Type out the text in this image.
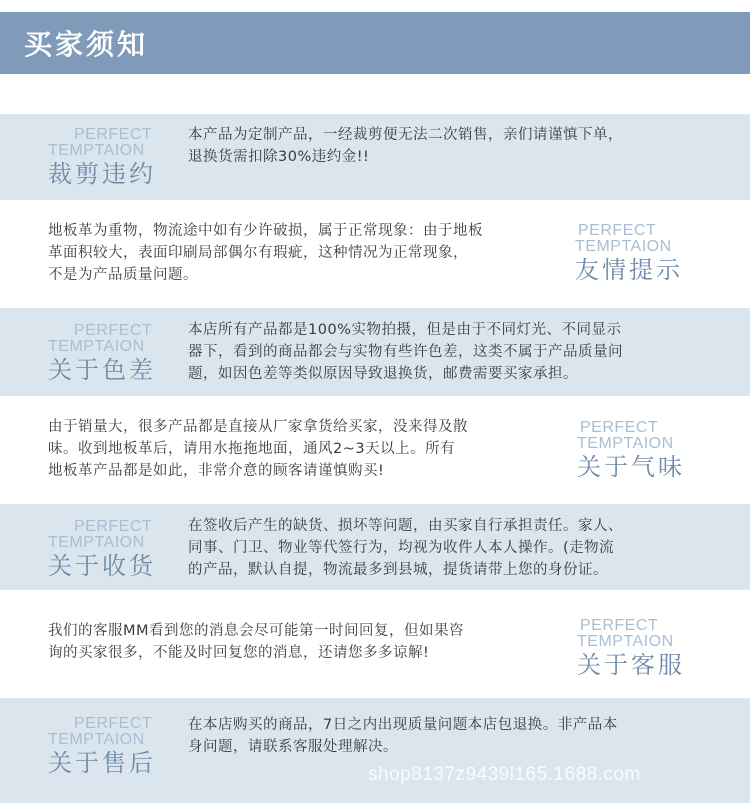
买家须知
PERFECT
TEMPTAION
裁剪违约
本产品为定制产品，一经裁剪便无法二次销售，亲们请谨慎下单，
退换货需扣除30%违约金!!
地板革为重物，物流途中如有少许破损，属于正常现象：由于地板
革面积较大，表面印刷局部偶尔有瑕疵，这种情况为正常现象，
不是为产品质量问题。
PERFECT
TEMPTAION
友情提示
PERFECT
TEMPTAION
关于色差
本店所有产品都是100%实物拍摄，但是由于不同灯光、不同显示
器下，看到的商品都会与实物有些许色差，这类不属于产品质量问
题，如因色差等类似原因导致退换货，邮费需要买家承担。
由于销量大，很多产品都是直接从厂家拿货给买家，没来得及散
味。收到地板革后，请用水拖拖地面，通风2~3天以上。所有
地板革产品都是如此，非常介意的顾客请谨慎购买!
PERFECT
TEMPTAION
关于气味
PERFECT
TEMPTAION
关于收货
在签收后产生的缺货、损坏等问题，由买家自行承担责任。家人、
同事、门卫、物业等代签行为，均视为收件人本人操作。(走物流
的产品，默认自提，物流最多到县城，提货请带上您的身份证。
我们的客服MM看到您的消息会尽可能第一时间回复，但如果咨
询的买家很多，不能及时回复您的消息，还请您多多谅解!
PERFECT
TEMPTAION
关于客服
PERFECT
TEMPTAION
关于售后
在本店购买的商品，7日之内出现质量问题本店包退换。非产品本
身问题，请联系客服处理解决。
shop8137z9439l165.1688.com
